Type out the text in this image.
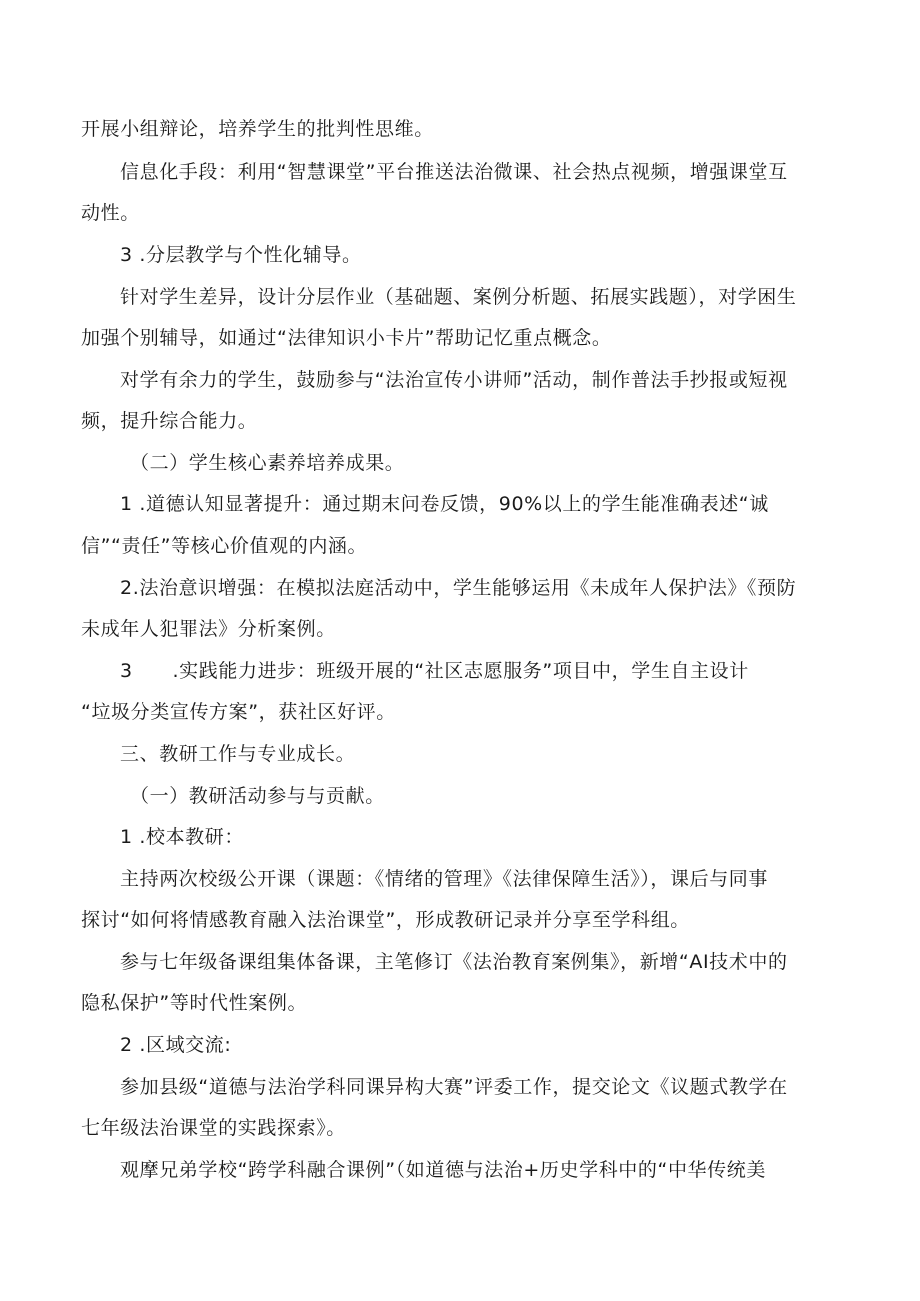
开展小组辩论，培养学生的批判性思维。
信息化手段：利用“智慧课堂”平台推送法治微课、社会热点视频，增强课堂互
动性。
3 .分层教学与个性化辅导。
针对学生差异，设计分层作业（基础题、案例分析题、拓展实践题），对学困生
加强个别辅导，如通过“法律知识小卡片”帮助记忆重点概念。
对学有余力的学生，鼓励参与“法治宣传小讲师”活动，制作普法手抄报或短视
频，提升综合能力。
（二）学生核心素养培养成果。
1 .道德认知显著提升：通过期末问卷反馈，90%以上的学生能准确表述“诚
信”“责任”等核心价值观的内涵。
2.法治意识增强：在模拟法庭活动中，学生能够运用《未成年人保护法》《预防
未成年人犯罪法》分析案例。
3      .实践能力进步：班级开展的“社区志愿服务”项目中，学生自主设计
“垃圾分类宣传方案”，获社区好评。
三、教研工作与专业成长。
（一）教研活动参与与贡献。
1 .校本教研：
主持两次校级公开课（课题：《情绪的管理》《法律保障生活》），课后与同事
探讨“如何将情感教育融入法治课堂”，形成教研记录并分享至学科组。
参与七年级备课组集体备课，主笔修订《法治教育案例集》，新增“AI技术中的
隐私保护”等时代性案例。
2 .区域交流:
参加县级“道德与法治学科同课异构大赛”评委工作，提交论文《议题式教学在
七年级法治课堂的实践探索》。
观摩兄弟学校“跨学科融合课例”（如道德与法治+历史学科中的“中华传统美
